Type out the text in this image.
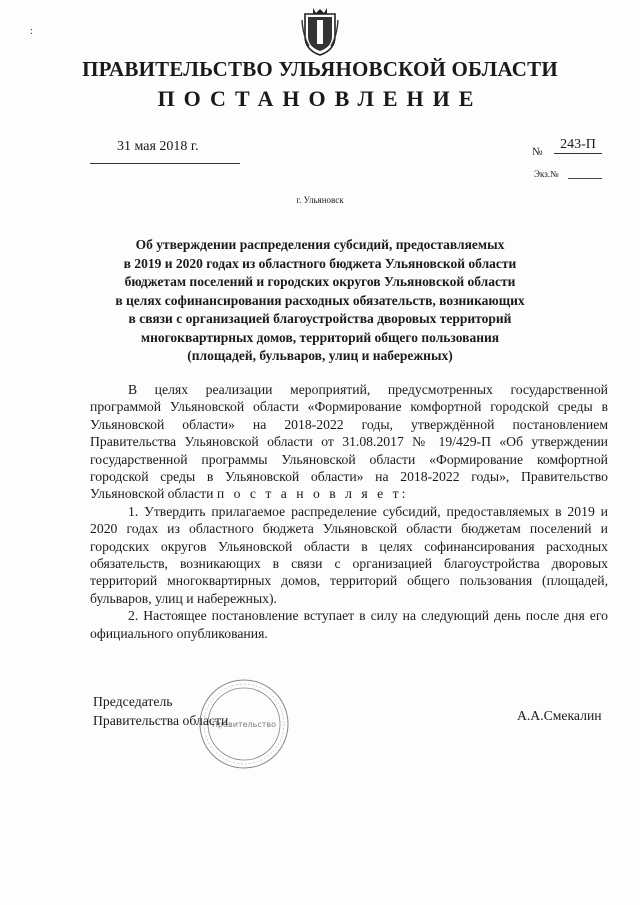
:
ПРАВИТЕЛЬСТВО УЛЬЯНОВСКОЙ ОБЛАСТИ
ПОСТАНОВЛЕНИЕ
31 мая 2018 г.	№	243-П
Экз.№
г. Ульяновск
Об утверждении распределения субсидий, предоставляемых
в 2019 и 2020 годах из областного бюджета Ульяновской области
бюджетам поселений и городских округов Ульяновской области
в целях софинансирования расходных обязательств, возникающих
в связи с организацией благоустройства дворовых территорий
многоквартирных домов, территорий общего пользования
(площадей, бульваров, улиц и набережных)

В целях реализации мероприятий, предусмотренных государственной программой Ульяновской области «Формирование комфортной городской среды в Ульяновской области» на 2018-2022 годы, утверждённой постановлением Правительства Ульяновской области от 31.08.2017 № 19/429-П «Об утверждении государственной программы Ульяновской области «Формирование комфортной городской среды в Ульяновской области» на 2018-2022 годы», Правительство Ульяновской области п о с т а н о в л я е т:

1. Утвердить прилагаемое распределение субсидий, предоставляемых в 2019 и 2020 годах из областного бюджета Ульяновской области бюджетам поселений и городских округов Ульяновской области в целях софинансирования расходных обязательств, возникающих в связи с организацией благоустройства дворовых территорий многоквартирных домов, территорий общего пользования (площадей, бульваров, улиц и набережных).

2. Настоящее постановление вступает в силу на следующий день после дня его официального опубликования.

Правительство
Председатель
Правительства области	А.А.Смекалин
